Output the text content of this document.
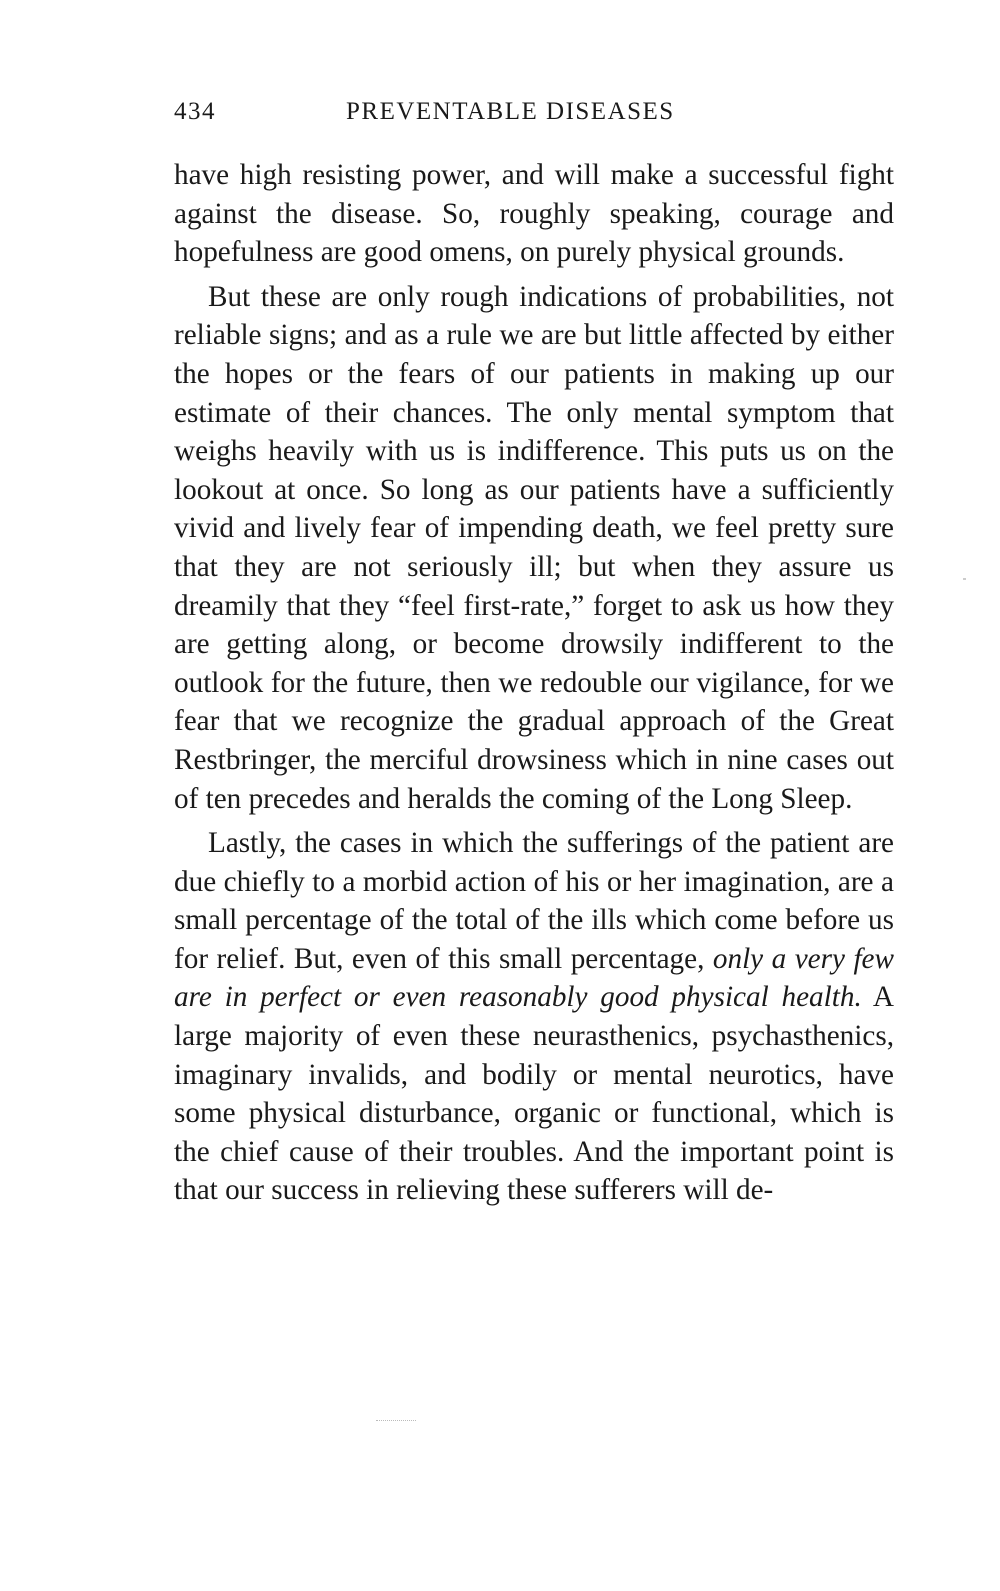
434	PREVENTABLE DISEASES

have high resisting power, and will make a successful fight against the disease. So, roughly speaking, courage and hopefulness are good omens, on purely physical grounds.

But these are only rough indications of probabilities, not reliable signs; and as a rule we are but little affected by either the hopes or the fears of our patients in making up our estimate of their chances. The only mental symptom that weighs heavily with us is indifference. This puts us on the lookout at once. So long as our patients have a sufficiently vivid and lively fear of impending death, we feel pretty sure that they are not seriously ill; but when they assure us dreamily that they “feel first-rate,” forget to ask us how they are getting along, or become drowsily indifferent to the outlook for the future, then we redouble our vigilance, for we fear that we recognize the gradual approach of the Great Restbringer, the merciful drowsiness which in nine cases out of ten precedes and heralds the coming of the Long Sleep.

Lastly, the cases in which the sufferings of the patient are due chiefly to a morbid action of his or her imagination, are a small percentage of the total of the ills which come before us for relief. But, even of this small percentage, only a very few are in perfect or even reasonably good physical health. A large majority of even these neurasthenics, psychasthenics, imaginary invalids, and bodily or mental neurotics, have some physical disturbance, organic or functional, which is the chief cause of their troubles. And the important point is that our success in relieving these sufferers will de-
